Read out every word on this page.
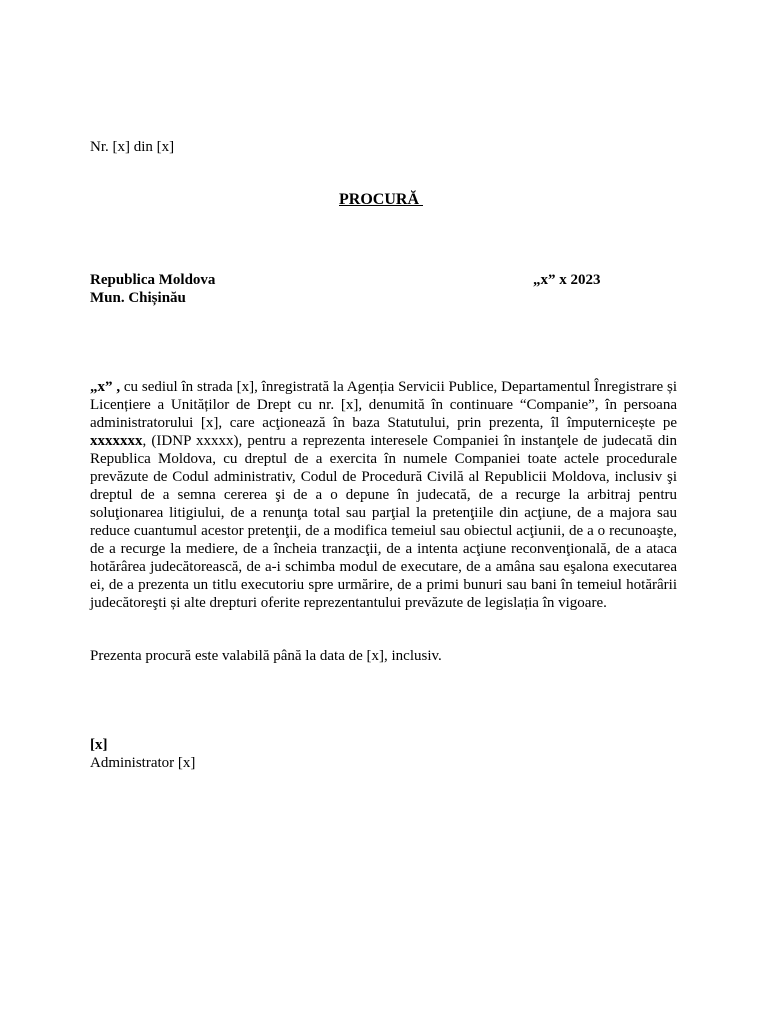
Nr. [x] din [x]
PROCURĂ
Republica Moldova
Mun. Chișinău
„x” x 2023
„x” , cu sediul în strada [x], înregistrată la Agenția Servicii Publice, Departamentul Înregistrare și Licențiere a Unităților de Drept cu nr. [x], denumită în continuare “Companie”, în persoana administratorului [x], care acţionează în baza Statutului, prin prezenta, îl împuternicește pe xxxxxxx, (IDNP xxxxx), pentru a reprezenta interesele Companiei în instanţele de judecată din Republica Moldova, cu dreptul de a exercita în numele Companiei toate actele procedurale prevăzute de Codul administrativ, Codul de Procedură Civilă al Republicii Moldova, inclusiv şi dreptul de a semna cererea şi de a o depune în judecată, de a recurge la arbitraj pentru soluţionarea litigiului, de a renunţa total sau parţial la pretenţiile din acţiune, de a majora sau reduce cuantumul acestor pretenţii, de a modifica temeiul sau obiectul acţiunii, de a o recunoaşte, de a recurge la mediere, de a încheia tranzacţii, de a intenta acţiune reconvenţională, de a ataca hotărârea judecătorească, de a-i schimba modul de executare, de a amâna sau eşalona executarea ei, de a prezenta un titlu executoriu spre urmărire, de a primi bunuri sau bani în temeiul hotărârii judecătoreşti și alte drepturi oferite reprezentantului prevăzute de legislația în vigoare.
Prezenta procură este valabilă până la data de [x], inclusiv.
[x]
Administrator [x]
